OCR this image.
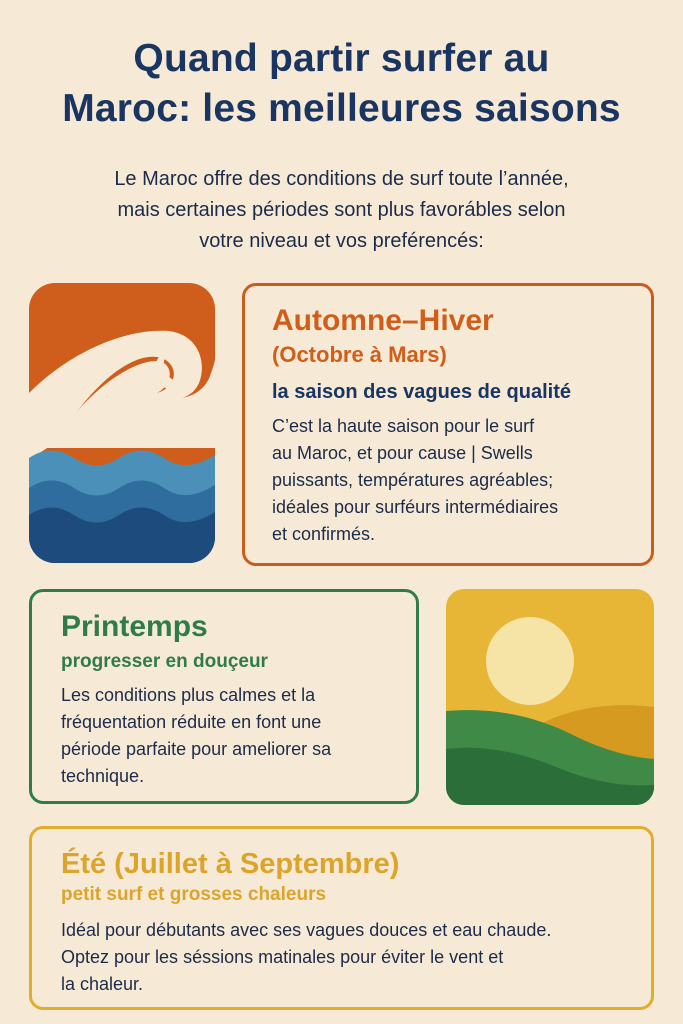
Quand partir surfer au
Maroc: les meilleures saisons

Le Maroc offre des conditions de surf toute l’année,
mais certaines périodes sont plus favorábles selon
votre niveau et vos preférencés:

Automne–Hiver
(Octobre à Mars)
la saison des vagues de qualité

C’est la haute saison pour le surf
au Maroc, et pour cause | Swells
puissants, températures agréables;
idéales pour surféurs intermédiaires
et confirmés.

Printemps
progresser en douçeur

Les conditions plus calmes et la
fréquentation réduite en font une
période parfaite pour ameliorer sa
technique.

Été (Juillet à Septembre)
petit surf et grosses chaleurs

Idéal pour débutants avec ses vagues douces et eau chaude.
Optez pour les séssions matinales pour éviter le vent et
la chaleur.
